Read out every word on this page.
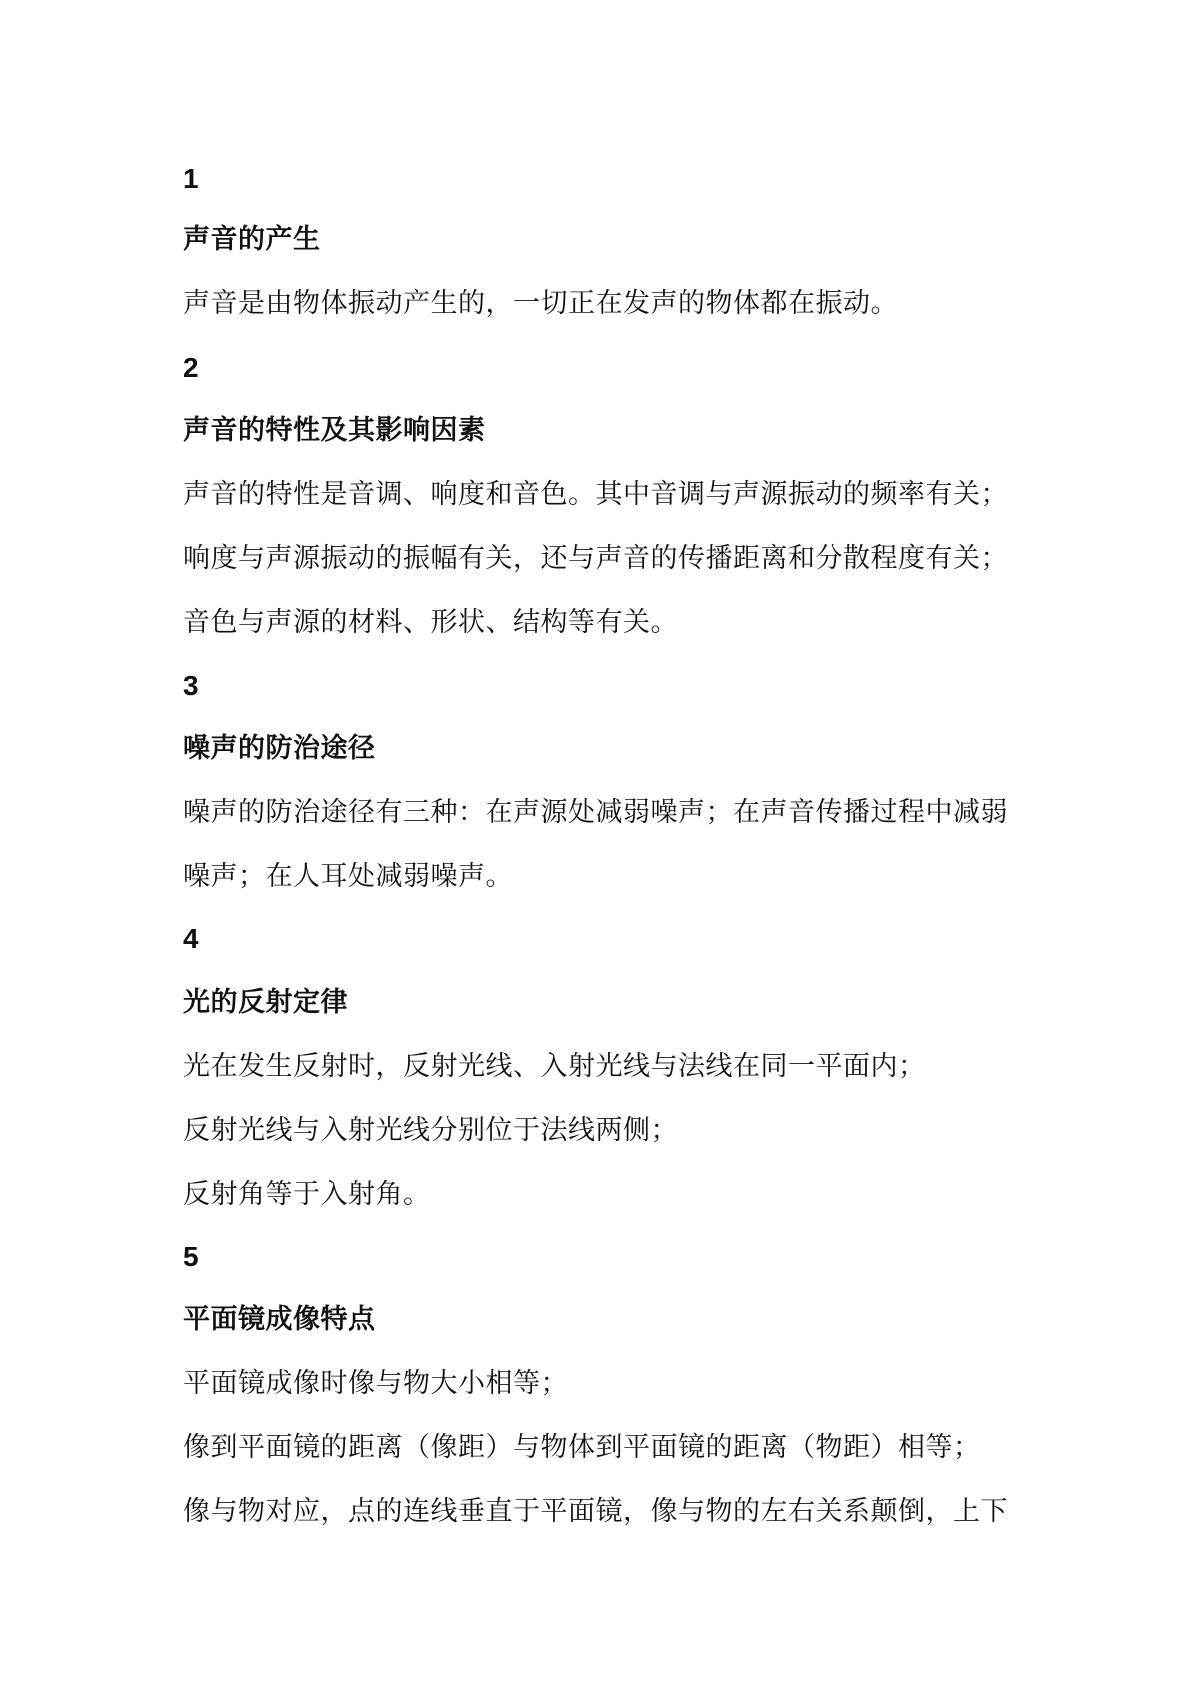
1
声音的产生
声音是由物体振动产生的，一切正在发声的物体都在振动。
2
声音的特性及其影响因素
声音的特性是音调、响度和音色。其中音调与声源振动的频率有关；
响度与声源振动的振幅有关，还与声音的传播距离和分散程度有关；
音色与声源的材料、形状、结构等有关。
3
噪声的防治途径
噪声的防治途径有三种：在声源处减弱噪声；在声音传播过程中减弱
噪声；在人耳处减弱噪声。
4
光的反射定律
光在发生反射时，反射光线、入射光线与法线在同一平面内；
反射光线与入射光线分别位于法线两侧；
反射角等于入射角。
5
平面镜成像特点
平面镜成像时像与物大小相等；
像到平面镜的距离（像距）与物体到平面镜的距离（物距）相等；
像与物对应，点的连线垂直于平面镜，像与物的左右关系颠倒，上下
